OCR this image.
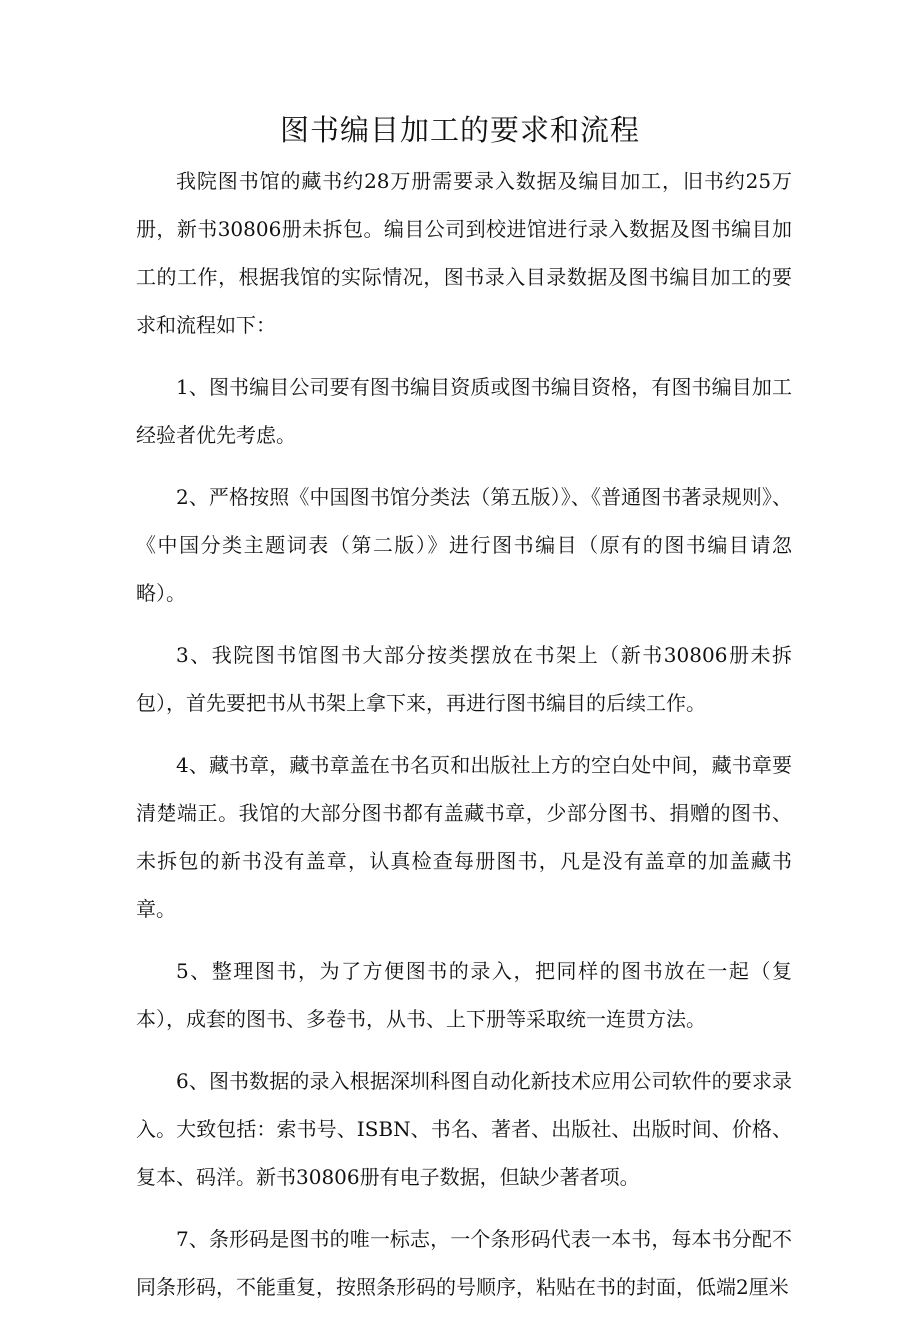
图书编目加工的要求和流程

我院图书馆的藏书约28万册需要录入数据及编目加工，旧书约25万册，新书30806册未拆包。编目公司到校进馆进行录入数据及图书编目加工的工作，根据我馆的实际情况，图书录入目录数据及图书编目加工的要求和流程如下：

1、图书编目公司要有图书编目资质或图书编目资格，有图书编目加工经验者优先考虑。

2、严格按照《中国图书馆分类法（第五版）》、《普通图书著录规则》、《中国分类主题词表（第二版）》进行图书编目（原有的图书编目请忽略）。

3、我院图书馆图书大部分按类摆放在书架上（新书30806册未拆包），首先要把书从书架上拿下来，再进行图书编目的后续工作。

4、藏书章，藏书章盖在书名页和出版社上方的空白处中间，藏书章要清楚端正。我馆的大部分图书都有盖藏书章，少部分图书、捐赠的图书、未拆包的新书没有盖章，认真检查每册图书，凡是没有盖章的加盖藏书章。

5、整理图书，为了方便图书的录入，把同样的图书放在一起（复本），成套的图书、多卷书，从书、上下册等采取统一连贯方法。

6、图书数据的录入根据深圳科图自动化新技术应用公司软件的要求录入。大致包括：索书号、ISBN、书名、著者、出版社、出版时间、价格、复本、码洋。新书30806册有电子数据，但缺少著者项。

7、条形码是图书的唯一标志，一个条形码代表一本书，每本书分配不同条形码，不能重复，按照条形码的号顺序，粘贴在书的封面，低端2厘米
